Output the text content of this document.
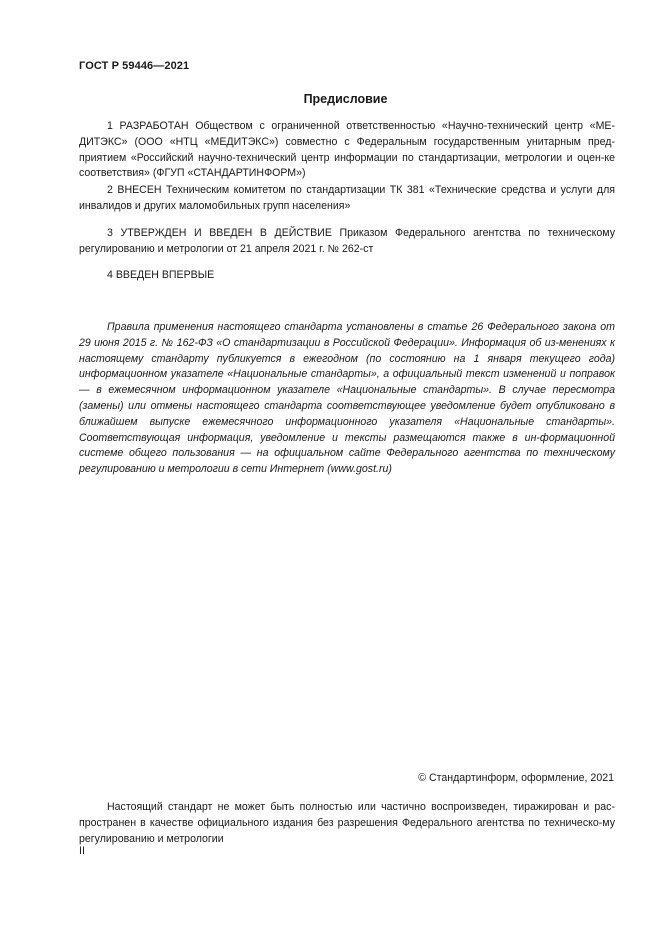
ГОСТ Р 59446—2021
Предисловие
1 РАЗРАБОТАН Обществом с ограниченной ответственностью «Научно-технический центр «МЕ-ДИТЭКС» (ООО «НТЦ «МЕДИТЭКС») совместно с Федеральным государственным унитарным пред-приятием «Российский научно-технический центр информации по стандартизации, метрологии и оцен-ке соответствия» (ФГУП «СТАНДАРТИНФОРМ»)
2 ВНЕСЕН Техническим комитетом по стандартизации ТК 381 «Технические средства и услуги для инвалидов и других маломобильных групп населения»
3 УТВЕРЖДЕН И ВВЕДЕН В ДЕЙСТВИЕ Приказом Федерального агентства по техническому регулированию и метрологии от 21 апреля 2021 г. № 262-ст
4 ВВЕДЕН ВПЕРВЫЕ
Правила применения настоящего стандарта установлены в статье 26 Федерального закона от 29 июня 2015 г. № 162-ФЗ «О стандартизации в Российской Федерации». Информация об из-менениях к настоящему стандарту публикуется в ежегодном (по состоянию на 1 января текущего года) информационном указателе «Национальные стандарты», а официальный текст изменений и поправок — в ежемесячном информационном указателе «Национальные стандарты». В случае пересмотра (замены) или отмены настоящего стандарта соответствующее уведомление будет опубликовано в ближайшем выпуске ежемесячного информационного указателя «Национальные стандарты». Соответствующая информация, уведомление и тексты размещаются также в ин-формационной системе общего пользования — на официальном сайте Федерального агентства по техническому регулированию и метрологии в сети Интернет (www.gost.ru)
© Стандартинформ, оформление, 2021
Настоящий стандарт не может быть полностью или частично воспроизведен, тиражирован и рас-пространен в качестве официального издания без разрешения Федерального агентства по техническо-му регулированию и метрологии
II
